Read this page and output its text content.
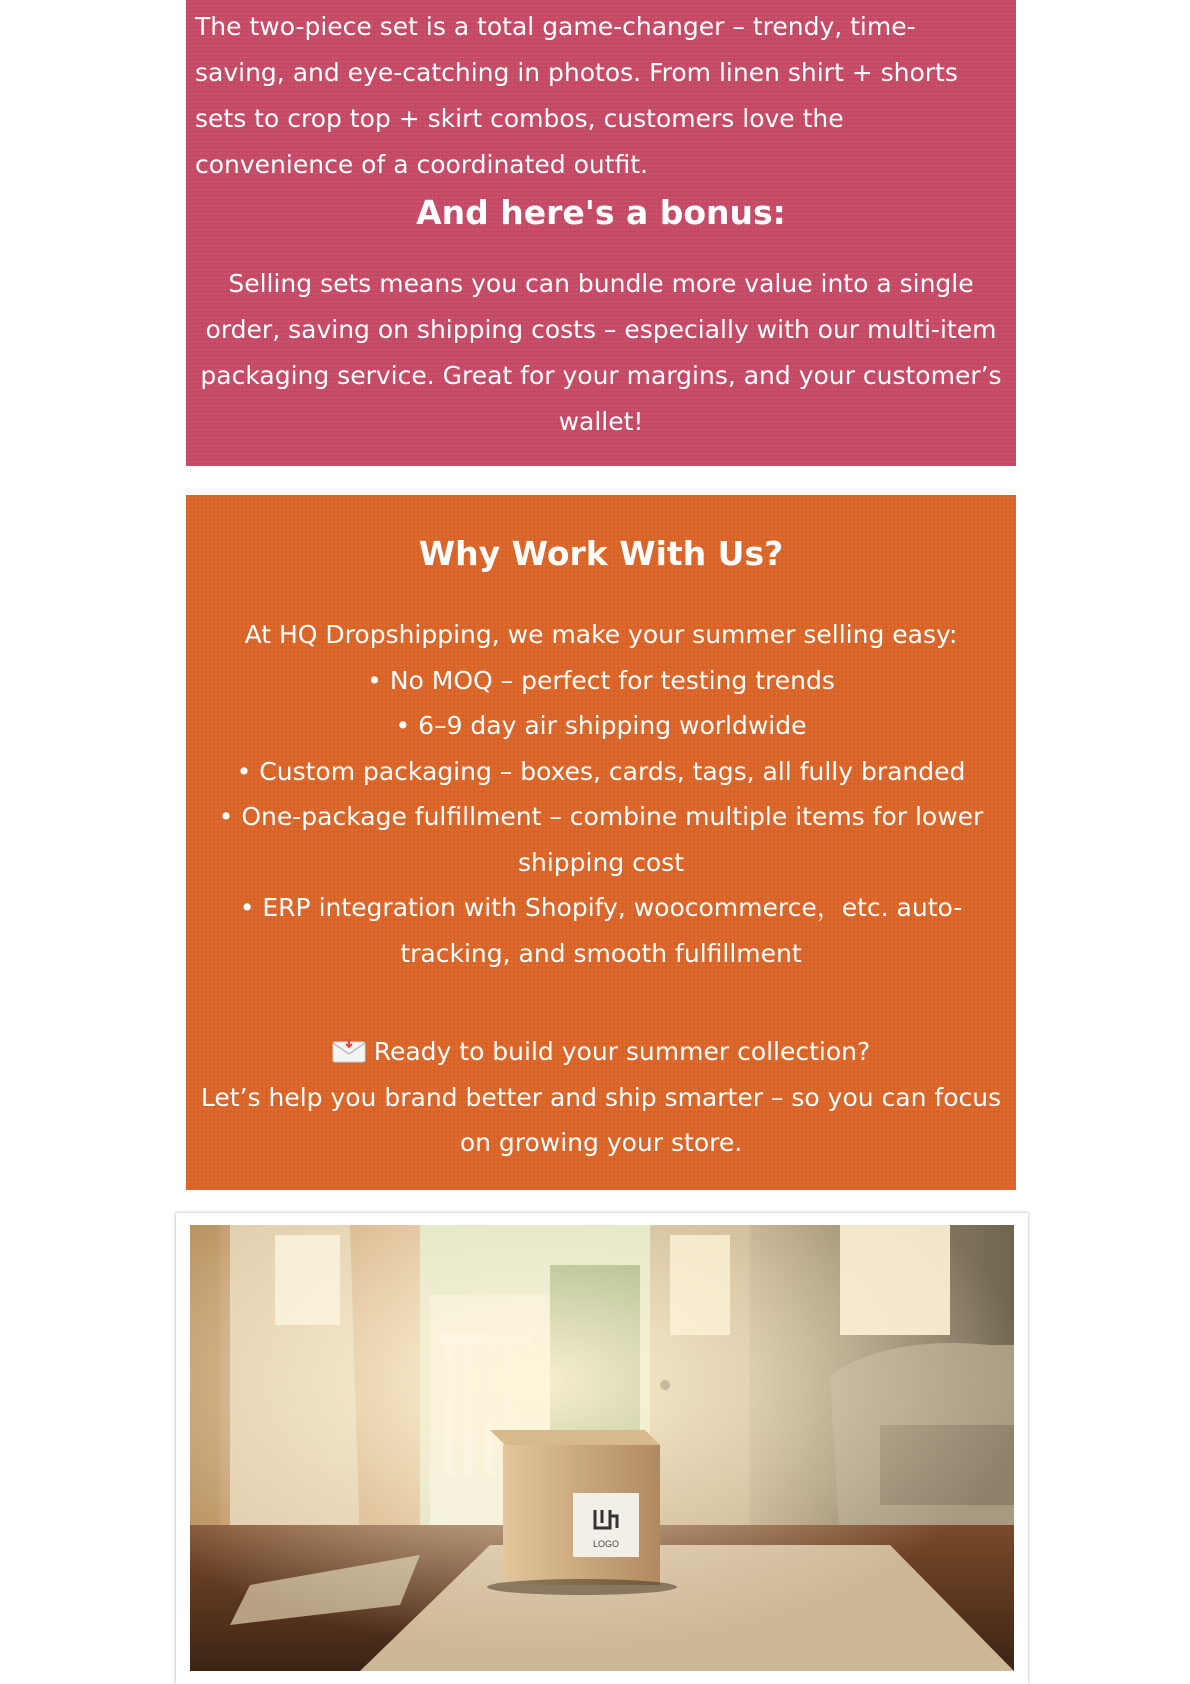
The two-piece set is a total game-changer – trendy, time-saving, and eye-catching in photos. From linen shirt + shorts sets to crop top + skirt combos, customers love the convenience of a coordinated outfit.

And here's a bonus:

Selling sets means you can bundle more value into a single order, saving on shipping costs – especially with our multi-item packaging service. Great for your margins, and your customer’s wallet!

Why Work With Us?

At HQ Dropshipping, we make your summer selling easy:
• No MOQ – perfect for testing trends
• 6–9 day air shipping worldwide
• Custom packaging – boxes, cards, tags, all fully branded
• One-package fulfillment – combine multiple items for lower shipping cost
• ERP integration with Shopify, woocommerce，etc. auto-tracking, and smooth fulfillment
Ready to build your summer collection?
Let’s help you brand better and ship smarter – so you can focus on growing your store.

LOGO
